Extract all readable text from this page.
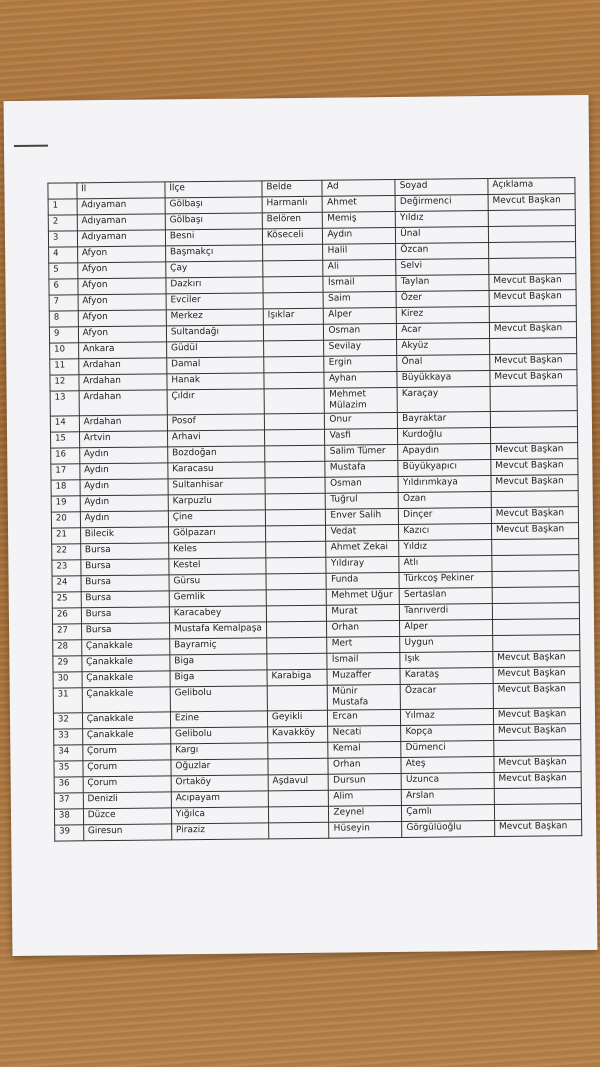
	İl	İlçe	Belde	Ad	Soyad	Açıklama
1	Adıyaman	Gölbaşı	Harmanlı	Ahmet	Değirmenci	Mevcut Başkan
2	Adıyaman	Gölbaşı	Belören	Memiş	Yıldız	
3	Adıyaman	Besni	Kösecelі	Aydın	Ünal	
4	Afyon	Başmakçı		Halil	Özcan	
5	Afyon	Çay		Ali	Selvi	
6	Afyon	Dazkırı		İsmail	Taylan	Mevcut Başkan
7	Afyon	Evciler		Saim	Özer	Mevcut Başkan
8	Afyon	Merkez	Işıklar	Alper	Kirez	
9	Afyon	Sultandağı		Osman	Acar	Mevcut Başkan
10	Ankara	Güdül		Sevilay	Akyüz	
11	Ardahan	Damal		Ergin	Önal	Mevcut Başkan
12	Ardahan	Hanak		Ayhan	Büyükkaya	Mevcut Başkan
13	Ardahan	Çıldır		Mehmet Mülazim	Karaçay	
14	Ardahan	Posof		Onur	Bayraktar	
15	Artvin	Arhavi		Vasfi	Kurdoğlu	
16	Aydın	Bozdoğan		Salim Tümer	Apaydın	Mevcut Başkan
17	Aydın	Karacasu		Mustafa	Büyükyapıcı	Mevcut Başkan
18	Aydın	Sultanhisar		Osman	Yıldırımkaya	Mevcut Başkan
19	Aydın	Karpuzlu		Tuğrul	Ozan	
20	Aydın	Çine		Enver Salih	Dinçer	Mevcut Başkan
21	Bilecik	Gölpazarı		Vedat	Kazıcı	Mevcut Başkan
22	Bursa	Keles		Ahmet Zekai	Yıldız	
23	Bursa	Kestel		Yıldıray	Atlı	
24	Bursa	Gürsu		Funda	Türkcoş Pekiner	
25	Bursa	Gemlik		Mehmet Uğur	Sertaslan	
26	Bursa	Karacabey		Murat	Tanrıverdi	
27	Bursa	Mustafa Kemalpaşa		Orhan	Alper	
28	Çanakkale	Bayramiç		Mert	Uygun	
29	Çanakkale	Biga		İsmail	Işık	Mevcut Başkan
30	Çanakkale	Biga	Karabiga	Muzaffer	Karataş	Mevcut Başkan
31	Çanakkale	Gelibolu		Münir Mustafa	Özacar	Mevcut Başkan
32	Çanakkale	Ezine	Geyikli	Ercan	Yılmaz	Mevcut Başkan
33	Çanakkale	Gelibolu	Kavakköy	Necati	Kopça	Mevcut Başkan
34	Çorum	Kargı		Kemal	Dümenci	
35	Çorum	Oğuzlar		Orhan	Ateş	Mevcut Başkan
36	Çorum	Ortaköy	Aşdavul	Dursun	Uzunca	Mevcut Başkan
37	Denizli	Acıpayam		Alim	Arslan	
38	Düzce	Yığılca		Zeynel	Çamlı	
39	Giresun	Piraziz		Hüseyin	Görgülüoğlu	Mevcut Başkan
